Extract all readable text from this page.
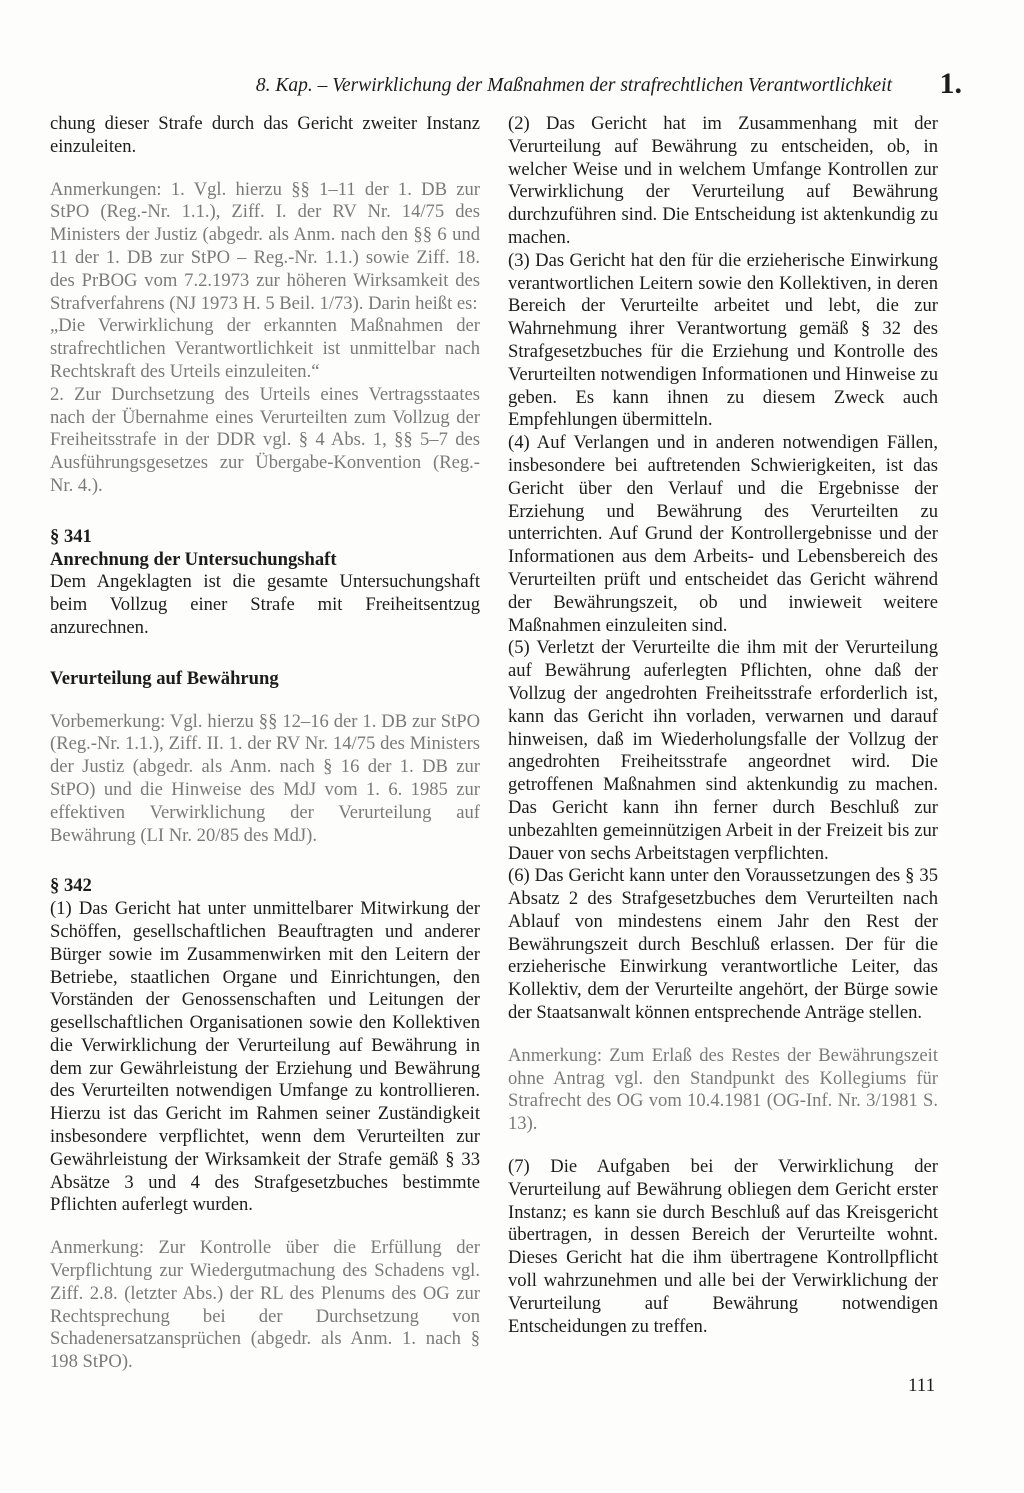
8. Kap. – Verwirklichung der Maßnahmen der strafrechtlichen Verantwortlichkeit 1.

chung dieser Strafe durch das Gericht zweiter Instanz einzuleiten.

Anmerkungen: 1. Vgl. hierzu §§ 1–11 der 1. DB zur StPO (Reg.-Nr. 1.1.), Ziff. I. der RV Nr. 14/75 des Ministers der Justiz (abgedr. als Anm. nach den §§ 6 und 11 der 1. DB zur StPO – Reg.-Nr. 1.1.) sowie Ziff. 18. des PrBOG vom 7.2.1973 zur höheren Wirksamkeit des Strafverfahrens (NJ 1973 H. 5 Beil. 1/73). Darin heißt es:

„Die Verwirklichung der erkannten Maßnahmen der strafrechtlichen Verantwortlichkeit ist unmittelbar nach Rechtskraft des Urteils einzuleiten.“

2. Zur Durchsetzung des Urteils eines Vertragsstaates nach der Übernahme eines Verurteilten zum Vollzug der Freiheitsstrafe in der DDR vgl. § 4 Abs. 1, §§ 5–7 des Ausführungsgesetzes zur Übergabe-Konvention (Reg.-Nr. 4.).

§ 341

Anrechnung der Untersuchungshaft

Dem Angeklagten ist die gesamte Untersuchungshaft beim Vollzug einer Strafe mit Freiheitsentzug anzurechnen.

Verurteilung auf Bewährung

Vorbemerkung: Vgl. hierzu §§ 12–16 der 1. DB zur StPO (Reg.-Nr. 1.1.), Ziff. II. 1. der RV Nr. 14/75 des Ministers der Justiz (abgedr. als Anm. nach § 16 der 1. DB zur StPO) und die Hinweise des MdJ vom 1. 6. 1985 zur effektiven Verwirklichung der Verurteilung auf Bewährung (LI Nr. 20/85 des MdJ).

§ 342

(1) Das Gericht hat unter unmittelbarer Mitwirkung der Schöffen, gesellschaftlichen Beauftragten und anderer Bürger sowie im Zusammenwirken mit den Leitern der Betriebe, staatlichen Organe und Einrichtungen, den Vorständen der Genossenschaften und Leitungen der gesellschaftlichen Organisationen sowie den Kollektiven die Verwirklichung der Verurteilung auf Bewährung in dem zur Gewährleistung der Erziehung und Bewährung des Verurteilten notwendigen Umfange zu kontrollieren. Hierzu ist das Gericht im Rahmen seiner Zuständigkeit insbesondere verpflichtet, wenn dem Verurteilten zur Gewährleistung der Wirksamkeit der Strafe gemäß § 33 Absätze 3 und 4 des Strafgesetzbuches bestimmte Pflichten auferlegt wurden.

Anmerkung: Zur Kontrolle über die Erfüllung der Verpflichtung zur Wiedergutmachung des Schadens vgl. Ziff. 2.8. (letzter Abs.) der RL des Plenums des OG zur Rechtsprechung bei der Durchsetzung von Schadenersatzansprüchen (abgedr. als Anm. 1. nach § 198 StPO).

(2) Das Gericht hat im Zusammenhang mit der Verurteilung auf Bewährung zu entscheiden, ob, in welcher Weise und in welchem Umfange Kontrollen zur Verwirklichung der Verurteilung auf Bewährung durchzuführen sind. Die Entscheidung ist aktenkundig zu machen.

(3) Das Gericht hat den für die erzieherische Einwirkung verantwortlichen Leitern sowie den Kollektiven, in deren Bereich der Verurteilte arbeitet und lebt, die zur Wahrnehmung ihrer Verantwortung gemäß § 32 des Strafgesetzbuches für die Erziehung und Kontrolle des Verurteilten notwendigen Informationen und Hinweise zu geben. Es kann ihnen zu diesem Zweck auch Empfehlungen übermitteln.

(4) Auf Verlangen und in anderen notwendigen Fällen, insbesondere bei auftretenden Schwierigkeiten, ist das Gericht über den Verlauf und die Ergebnisse der Erziehung und Bewährung des Verurteilten zu unterrichten. Auf Grund der Kontrollergebnisse und der Informationen aus dem Arbeits- und Lebensbereich des Verurteilten prüft und entscheidet das Gericht während der Bewährungszeit, ob und inwieweit weitere Maßnahmen einzuleiten sind.

(5) Verletzt der Verurteilte die ihm mit der Verurteilung auf Bewährung auferlegten Pflichten, ohne daß der Vollzug der angedrohten Freiheitsstrafe erforderlich ist, kann das Gericht ihn vorladen, verwarnen und darauf hinweisen, daß im Wiederholungsfalle der Vollzug der angedrohten Freiheitsstrafe angeordnet wird. Die getroffenen Maßnahmen sind aktenkundig zu machen. Das Gericht kann ihn ferner durch Beschluß zur unbezahlten gemeinnützigen Arbeit in der Freizeit bis zur Dauer von sechs Arbeitstagen verpflichten.

(6) Das Gericht kann unter den Voraussetzungen des § 35 Absatz 2 des Strafgesetzbuches dem Verurteilten nach Ablauf von mindestens einem Jahr den Rest der Bewährungszeit durch Beschluß erlassen. Der für die erzieherische Einwirkung verantwortliche Leiter, das Kollektiv, dem der Verurteilte angehört, der Bürge sowie der Staatsanwalt können entsprechende Anträge stellen.

Anmerkung: Zum Erlaß des Restes der Bewährungszeit ohne Antrag vgl. den Standpunkt des Kollegiums für Strafrecht des OG vom 10.4.1981 (OG-Inf. Nr. 3/1981 S. 13).

(7) Die Aufgaben bei der Verwirklichung der Verurteilung auf Bewährung obliegen dem Gericht erster Instanz; es kann sie durch Beschluß auf das Kreisgericht übertragen, in dessen Bereich der Verurteilte wohnt. Dieses Gericht hat die ihm übertragene Kontrollpflicht voll wahrzunehmen und alle bei der Verwirklichung der Verurteilung auf Bewährung notwendigen Entscheidungen zu treffen.

111
